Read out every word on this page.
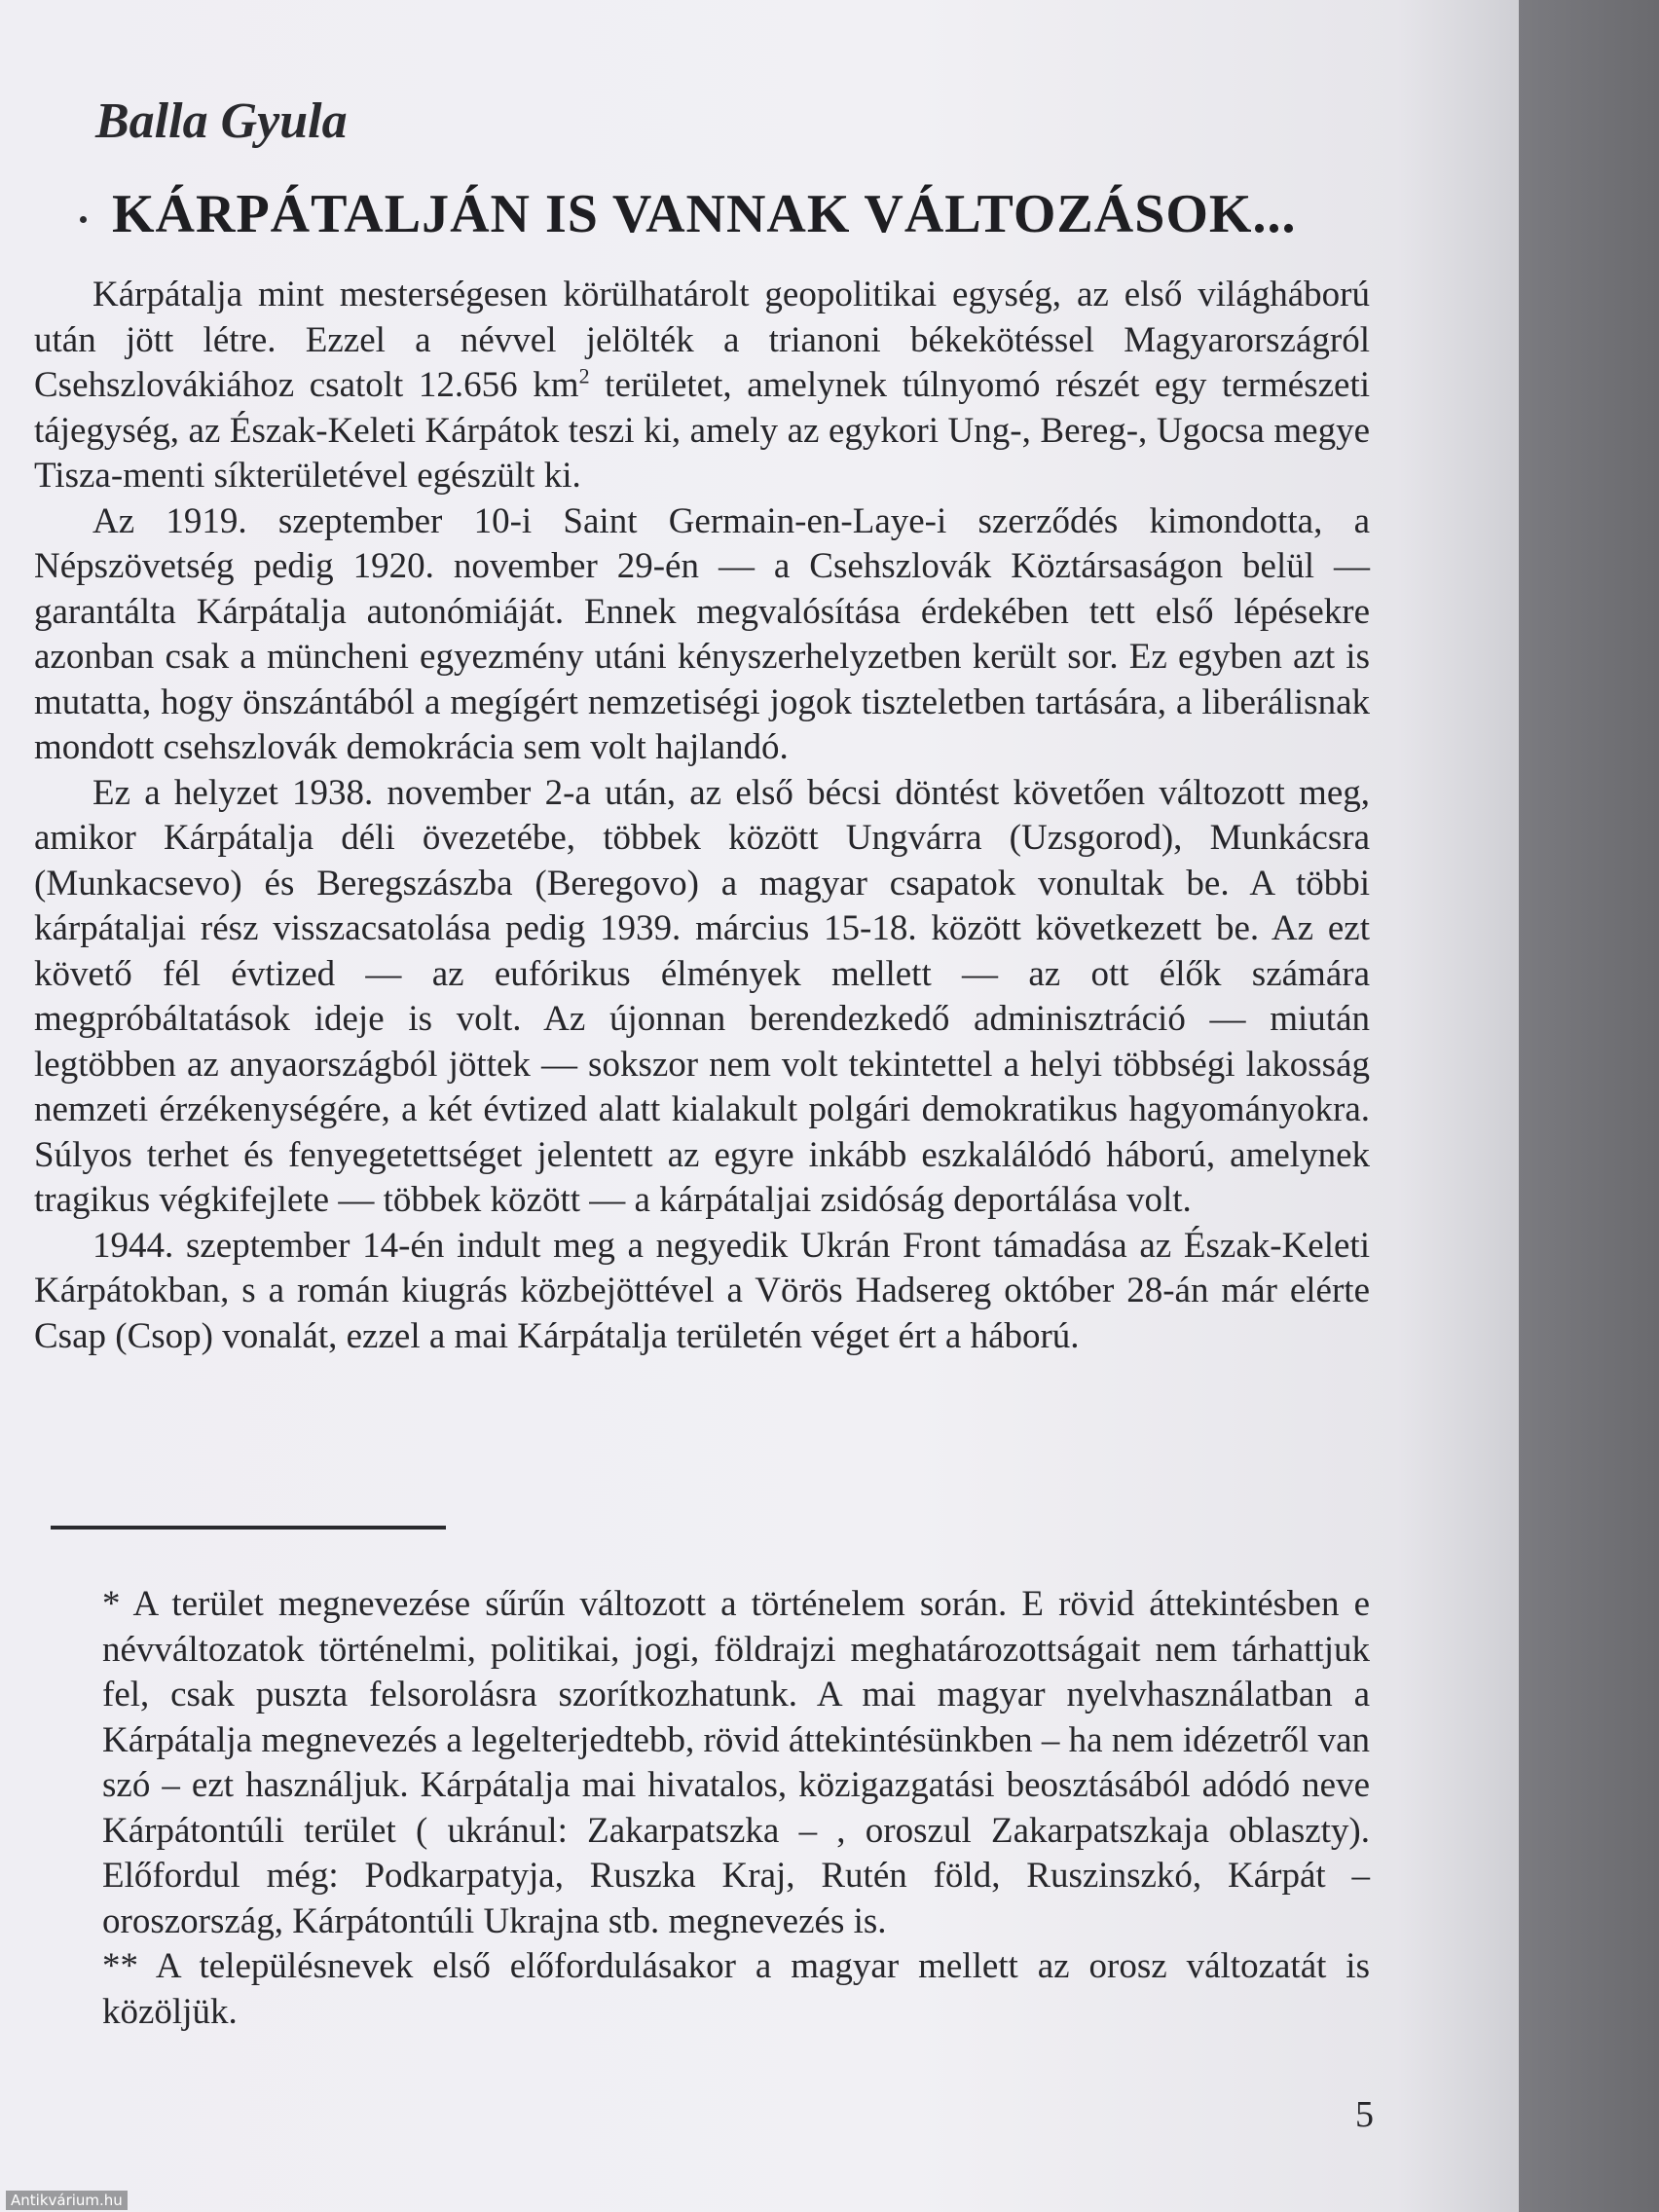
Balla Gyula
KÁRPÁTALJÁN IS VANNAK VÁLTOZÁSOK...

Kárpátalja mint mesterségesen körülhatárolt geopolitikai egység, az első világháború után jött létre. Ezzel a névvel jelölték a trianoni békekötéssel Magyarországról Csehszlovákiához csatolt 12.656 $km^2$ területet, amelynek túlnyomó részét egy természeti tájegység, az Észak-Keleti Kárpátok teszi ki, amely az egykori Ung-, Bereg-, Ugocsa megye Tisza-menti síkterületével egészült ki.

Az 1919. szeptember 10-i Saint Germain-en-Laye-i szerződés kimondotta, a Népszövetség pedig 1920. november 29-én — a Csehszlovák Köztársaságon belül — garantálta Kárpátalja autonómiáját. Ennek megvalósítása érdekében tett első lépésekre azonban csak a müncheni egyezmény utáni kényszerhelyzetben került sor. Ez egyben azt is mutatta, hogy önszántából a megígért nemzetiségi jogok tiszteletben tartására, a liberálisnak mondott csehszlovák demokrácia sem volt hajlandó.

Ez a helyzet 1938. november 2-a után, az első bécsi döntést követően változott meg, amikor Kárpátalja déli övezetébe, többek között Ungvárra (Uzsgorod), Munkácsra (Munkacsevo) és Beregszászba (Beregovo) a magyar csapatok vonultak be. A többi kárpátaljai rész visszacsatolása pedig 1939. március 15-18. között következett be. Az ezt követő fél évtized — az eufórikus élmények mellett — az ott élők számára megpróbáltatások ideje is volt. Az újonnan berendezkedő adminisztráció — miután legtöbben az anyaországból jöttek — sokszor nem volt tekintettel a helyi többségi lakosság nemzeti érzékenységére, a két évtized alatt kialakult polgári demokratikus hagyományokra. Súlyos terhet és fenyegetettséget jelentett az egyre inkább eszkalálódó háború, amelynek tragikus végkifejlete — többek között — a kárpátaljai zsidóság deportálása volt.

1944. szeptember 14-én indult meg a negyedik Ukrán Front támadása az Észak-Keleti Kárpátokban, s a román kiugrás közbejöttével a Vörös Hadsereg október 28-án már elérte Csap (Csop) vonalát, ezzel a mai Kárpátalja területén véget ért a háború.

* A terület megnevezése sűrűn változott a történelem során. E rövid áttekintésben e névváltozatok történelmi, politikai, jogi, földrajzi meghatározottságait nem tárhattjuk fel, csak puszta felsorolásra szorítkozhatunk. A mai magyar nyelvhasználatban a Kárpátalja megnevezés a legelterjedtebb, rövid áttekintésünkben – ha nem idézetről van szó – ezt használjuk. Kárpátalja mai hivatalos, közigazgatási beosztásából adódó neve Kárpátontúli terület ( ukránul: Zakarpatszka – , oroszul Zakarpatszkaja oblaszty). Előfordul még: Podkarpatyja, Ruszka Kraj, Rutén föld, Ruszinszkó, Kárpát – oroszország, Kárpátontúli Ukrajna stb. megnevezés is.

** A településnevek első előfordulásakor a magyar mellett az orosz változatát is közöljük.

5
Antikvárium.hu
